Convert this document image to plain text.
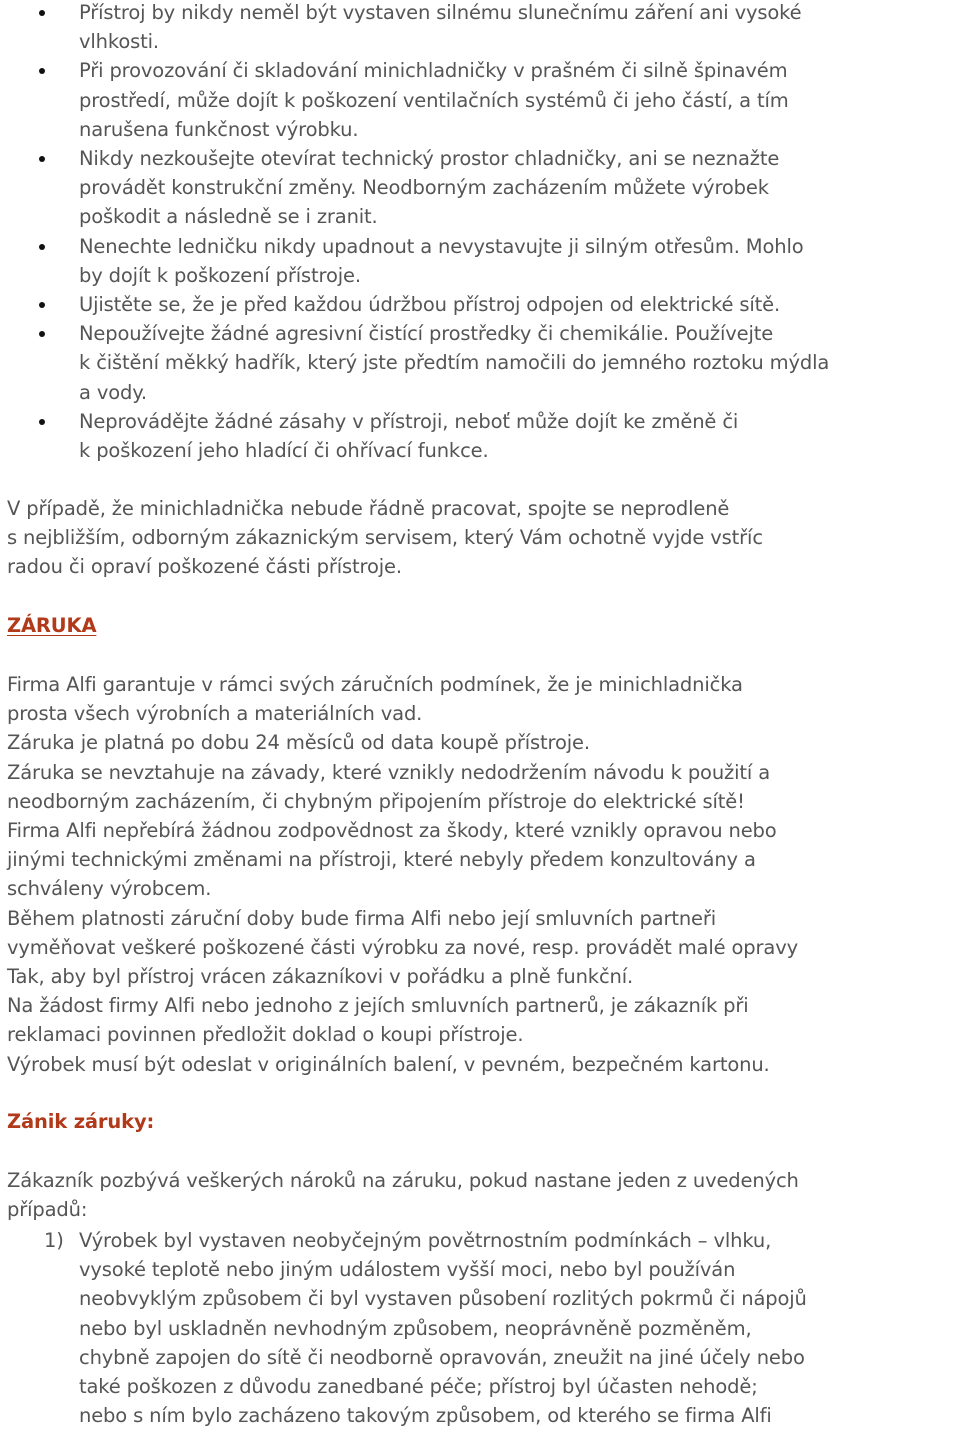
Přístroj by nikdy neměl být vystaven silnému slunečnímu záření ani vysoké
vlhkosti.
Při provozování či skladování minichladničky v prašném či silně špinavém
prostředí, může dojít k poškození ventilačních systémů či jeho částí, a tím
narušena funkčnost výrobku.
Nikdy nezkoušejte otevírat technický prostor chladničky, ani se neznažte
provádět konstrukční změny. Neodborným zacházením můžete výrobek
poškodit a následně se i zranit.
Nenechte ledničku nikdy upadnout a nevystavujte ji silným otřesům. Mohlo
by dojít k poškození přístroje.
Ujistěte se, že je před každou údržbou přístroj odpojen od elektrické sítě.
Nepoužívejte žádné agresivní čistící prostředky či chemikálie. Používejte
k čištění měkký hadřík, který jste předtím namočili do jemného roztoku mýdla
a vody.
Neprovádějte žádné zásahy v přístroji, neboť může dojít ke změně či
k poškození jeho hladící či ohřívací funkce.

V případě, že minichladnička nebude řádně pracovat, spojte se neprodleně
s nejbližším, odborným zákaznickým servisem, který Vám ochotně vyjde vstříc
radou či opraví poškozené části přístroje.

ZÁRUKA

Firma Alfi garantuje v rámci svých záručních podmínek, že je minichladnička
prosta všech výrobních a materiálních vad.
Záruka je platná po dobu 24 měsíců od data koupě přístroje.
Záruka se nevztahuje na závady, které vznikly nedodržením návodu k použití a
neodborným zacházením, či chybným připojením přístroje do elektrické sítě!
Firma Alfi nepřebírá žádnou zodpovědnost za škody, které vznikly opravou nebo
jinými technickými změnami na přístroji, které nebyly předem konzultovány a
schváleny výrobcem.
Během platnosti záruční doby bude firma Alfi nebo její smluvních partneři
vyměňovat veškeré poškozené části výrobku za nové, resp. provádět malé opravy
Tak, aby byl přístroj vrácen zákazníkovi v pořádku a plně funkční.
Na žádost firmy Alfi nebo jednoho z jejích smluvních partnerů, je zákazník při
reklamaci povinnen předložit doklad o koupi přístroje.
Výrobek musí být odeslat v originálních balení, v pevném, bezpečném kartonu.

Zánik záruky:

Zákazník pozbývá veškerých nároků na záruku, pokud nastane jeden z uvedených
případů:

1) Výrobek byl vystaven neobyčejným povětrnostním podmínkách – vlhku,
vysoké teplotě nebo jiným událostem vyšší moci, nebo byl používán
neobvyklým způsobem či byl vystaven působení rozlitých pokrmů či nápojů
nebo byl uskladněn nevhodným způsobem, neoprávněně pozměněm,
chybně zapojen do sítě či neodborně opravován, zneužit na jiné účely nebo
také poškozen z důvodu zanedbané péče; přístroj byl účasten nehodě;
nebo s ním bylo zacházeno takovým způsobem, od kterého se firma Alfi
